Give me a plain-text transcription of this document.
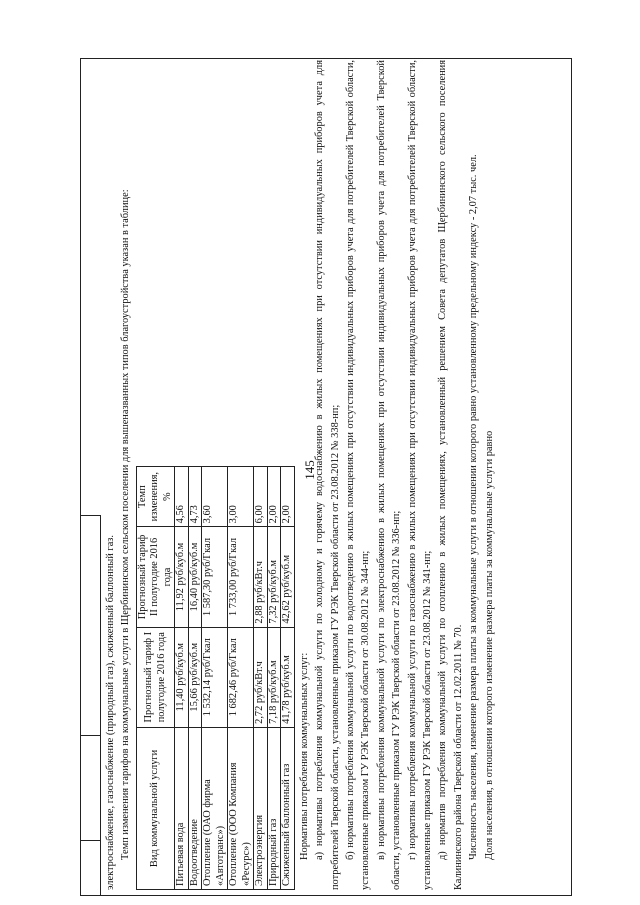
145

электроснабжение, газоснабжение (природный газ), сжиженный баллонный газ. Темп изменения тарифов на коммунальные услуги в Щербининском сельском поселении для вышеназванных типов благоустройства указан в таблице: Вид коммунальной услуги	Прогнозный тариф I полугодие 2016 года	Прогнозный тариф II полугодие 2016 года	Темп изменения, %
Питьевая вода	11,40 руб/куб.м	11,92 руб/куб.м	4,56
Водоотведение	15,66 руб/куб.м	16,40 руб/куб.м	4,73
Отопление (ОАО фирма «Автотранс»)	1 532,14 руб/Гкал	1 587,30 руб/Гкал	3,60
Отопление (ООО Компания «Ресурс»)	1 682,46 руб/Гкал	1 733,00 руб/Гкал	3,00
Электроэнергия	2,72 руб/кВт.ч	2,88 руб/кВт.ч	6,00
Природный газ	7,18 руб/куб.м	7,32 руб/куб.м	2,00
Сжиженный баллонный газ	41,78 руб/куб.м	42,62 руб/куб.м	2,00

Нормативы потребления коммунальных услуг: а) нормативы потребления коммунальной услуги по холодному и горячему водоснабжению в жилых помещениях при отсутствии индивидуальных приборов учета для потребителей Тверской области, установленные приказом ГУ РЭК Тверской области от 23.08.2012 № 338-нп; б) нормативы потребления коммунальной услуги по водоотведению в жилых помещениях при отсутствии индивидуальных приборов учета для потребителей Тверской области, установленные приказом ГУ РЭК Тверской области от 30.08.2012 № 344-нп; в) нормативы потребления коммунальной услуги по электроснабжению в жилых помещениях при отсутствии индивидуальных приборов учета для потребителей Тверской области, установленные приказом ГУ РЭК Тверской области от 23.08.2012 № 336-нп; г) нормативы потребления коммунальной услуги по газоснабжению в жилых помещениях при отсутствии индивидуальных приборов учета для потребителей Тверской области, установленные приказом ГУ РЭК Тверской области от 23.08.2012 № 341-нп; д) норматив потребления коммунальной услуги по отоплению в жилых помещениях, установленный решением Совета депутатов Щербининского сельского поселения Калининского района Тверской области от 12.02.2011 № 70. Численность населения, изменение размера платы за коммунальные услуги в отношении которого равно установленному предельному индексу - 2,07 тыс. чел. Доля населения, в отношении которого изменение размера платы за коммунальные услуги равно
